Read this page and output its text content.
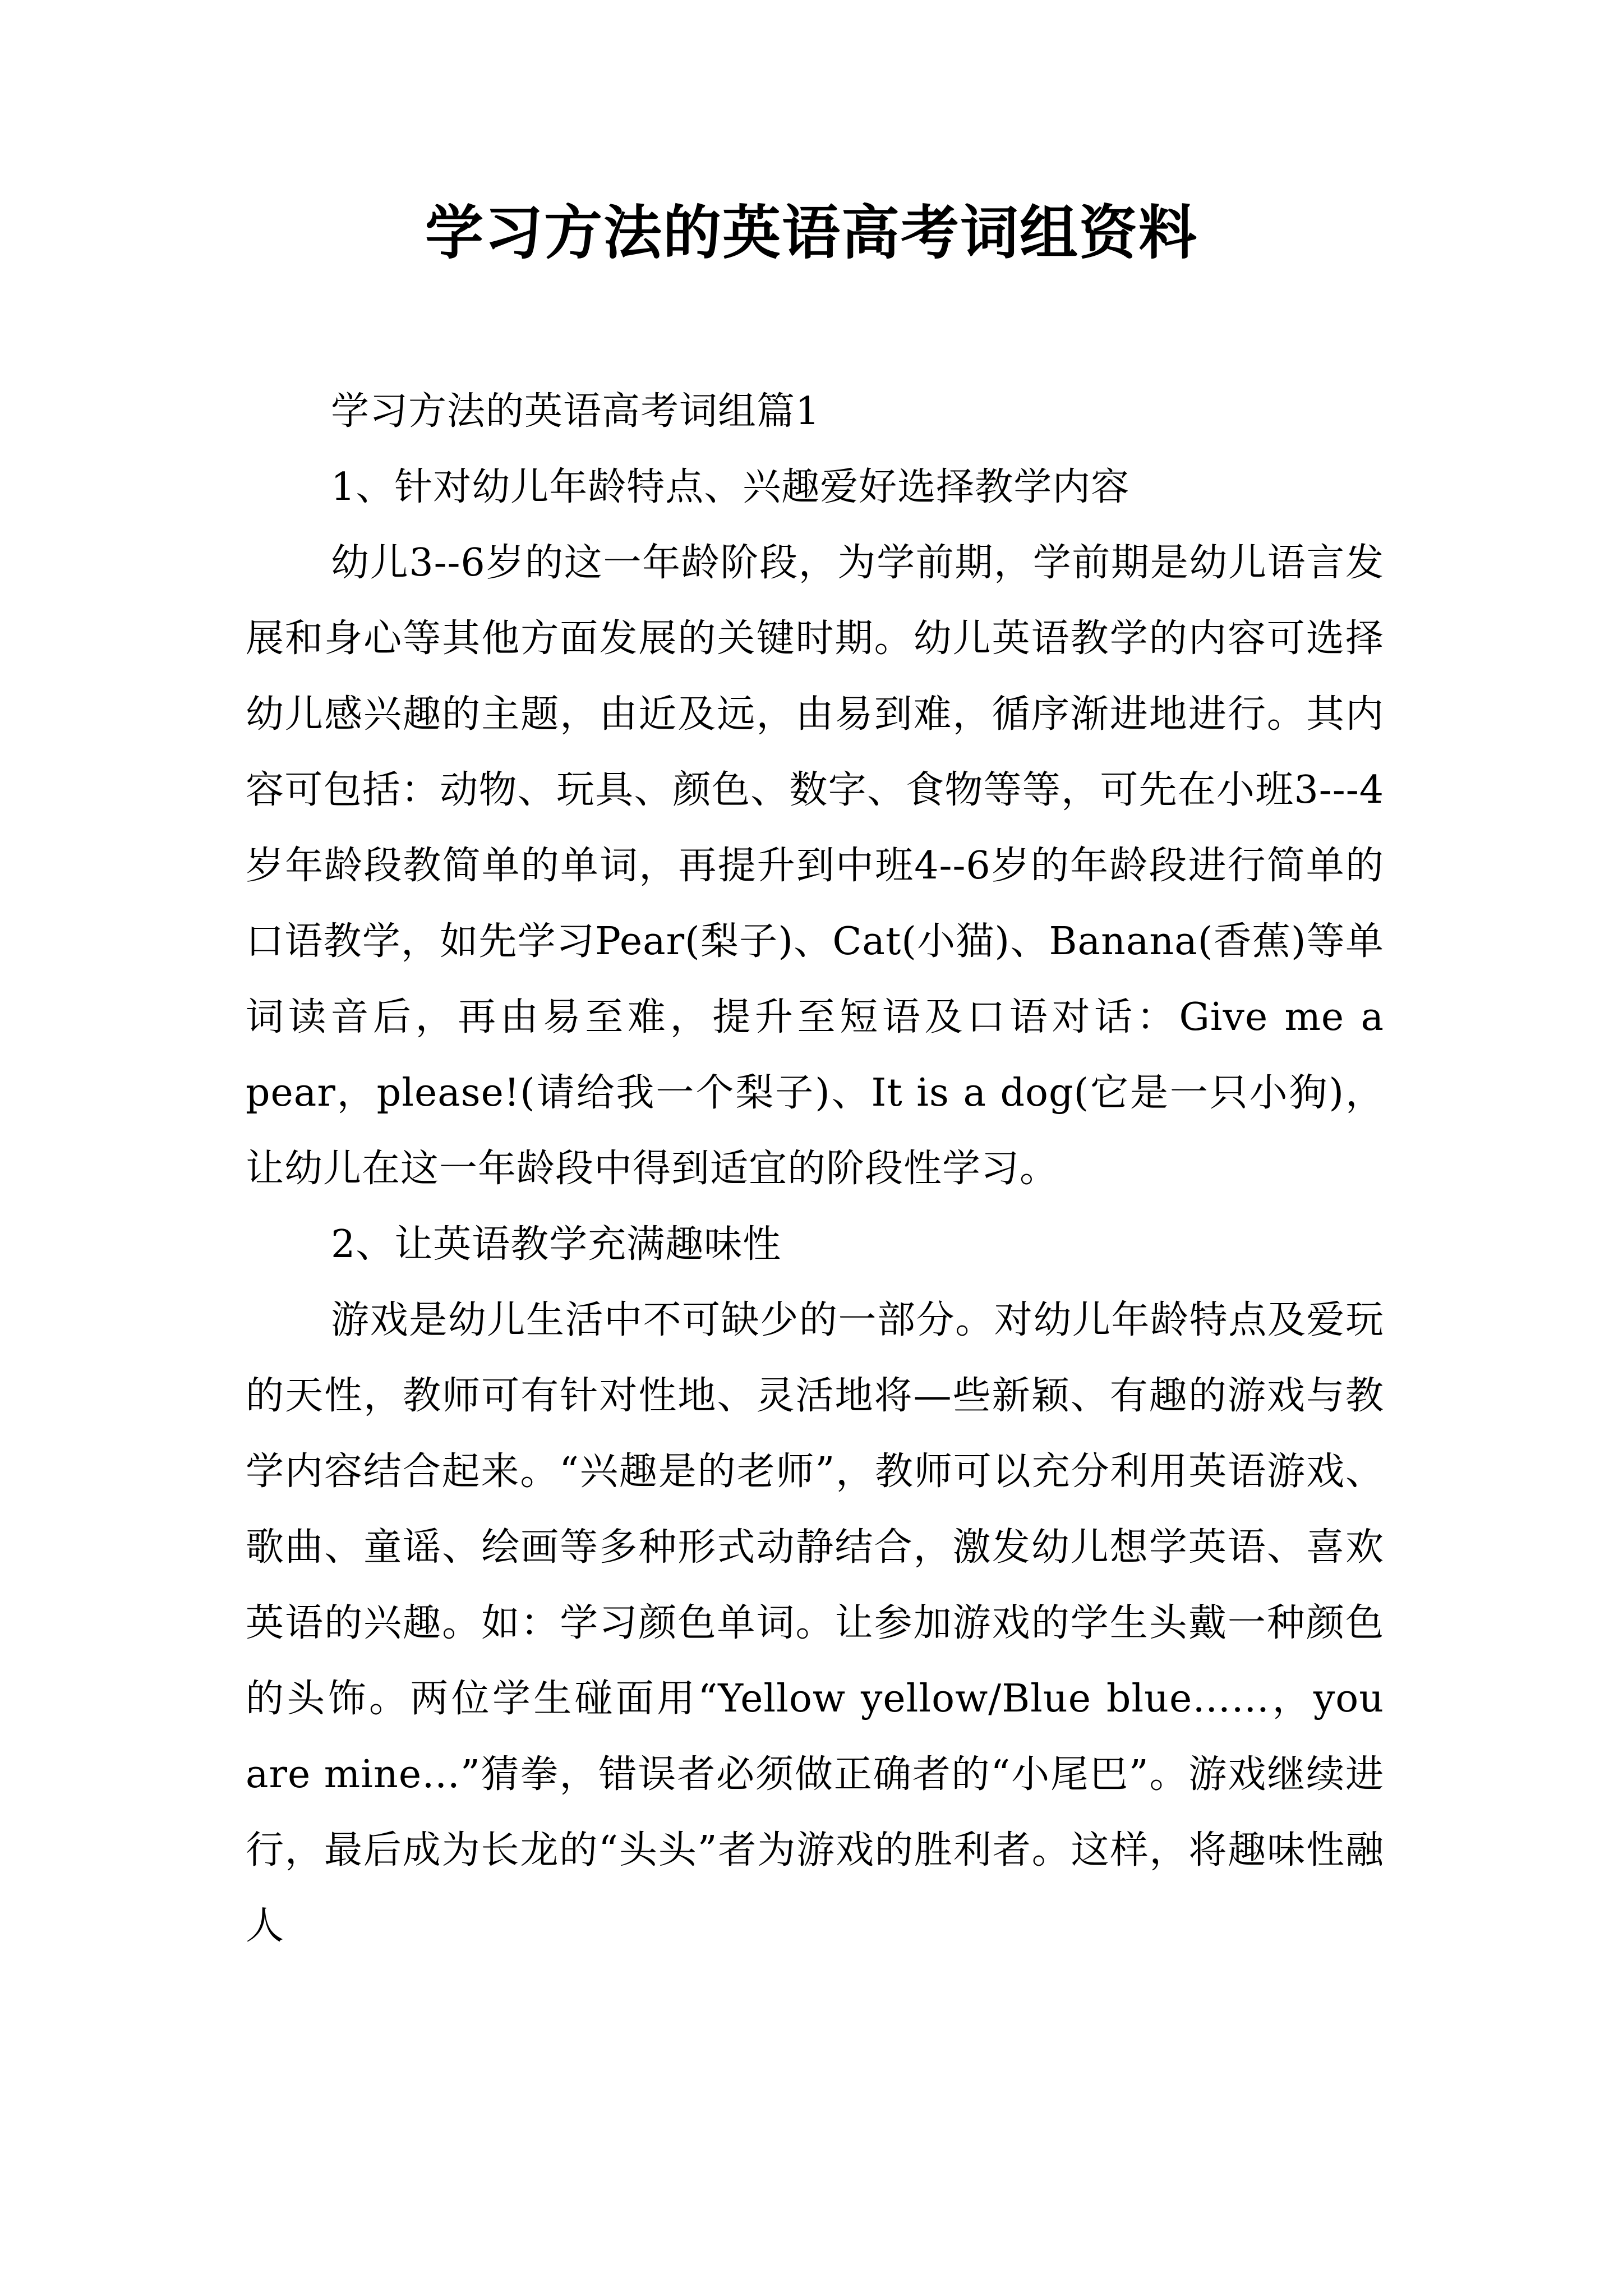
学习方法的英语高考词组资料

学习方法的英语高考词组篇1

1、针对幼儿年龄特点、兴趣爱好选择教学内容

幼儿3--6岁的这一年龄阶段，为学前期，学前期是幼儿语言发展和身心等其他方面发展的关键时期。幼儿英语教学的内容可选择幼儿感兴趣的主题，由近及远，由易到难，循序渐进地进行。其内容可包括：动物、玩具、颜色、数字、食物等等，可先在小班3---4岁年龄段教简单的单词，再提升到中班4--6岁的年龄段进行简单的口语教学，如先学习Pear(梨子)、Cat(小猫)、Banana(香蕉)等单词读音后，再由易至难，提升至短语及口语对话：Give me a pear，please!(请给我一个梨子)、It is a dog(它是一只小狗)，让幼儿在这一年龄段中得到适宜的阶段性学习。

2、让英语教学充满趣味性

游戏是幼儿生活中不可缺少的一部分。对幼儿年龄特点及爱玩的天性，教师可有针对性地、灵活地将—些新颖、有趣的游戏与教学内容结合起来。“兴趣是的老师”，教师可以充分利用英语游戏、歌曲、童谣、绘画等多种形式动静结合，激发幼儿想学英语、喜欢英语的兴趣。如：学习颜色单词。让参加游戏的学生头戴一种颜色的头饰。两位学生碰面用“Yellow yellow/Blue blue……，you are mine…”猜拳，错误者必须做正确者的“小尾巴”。游戏继续进行，最后成为长龙的“头头”者为游戏的胜利者。这样，将趣味性融人
